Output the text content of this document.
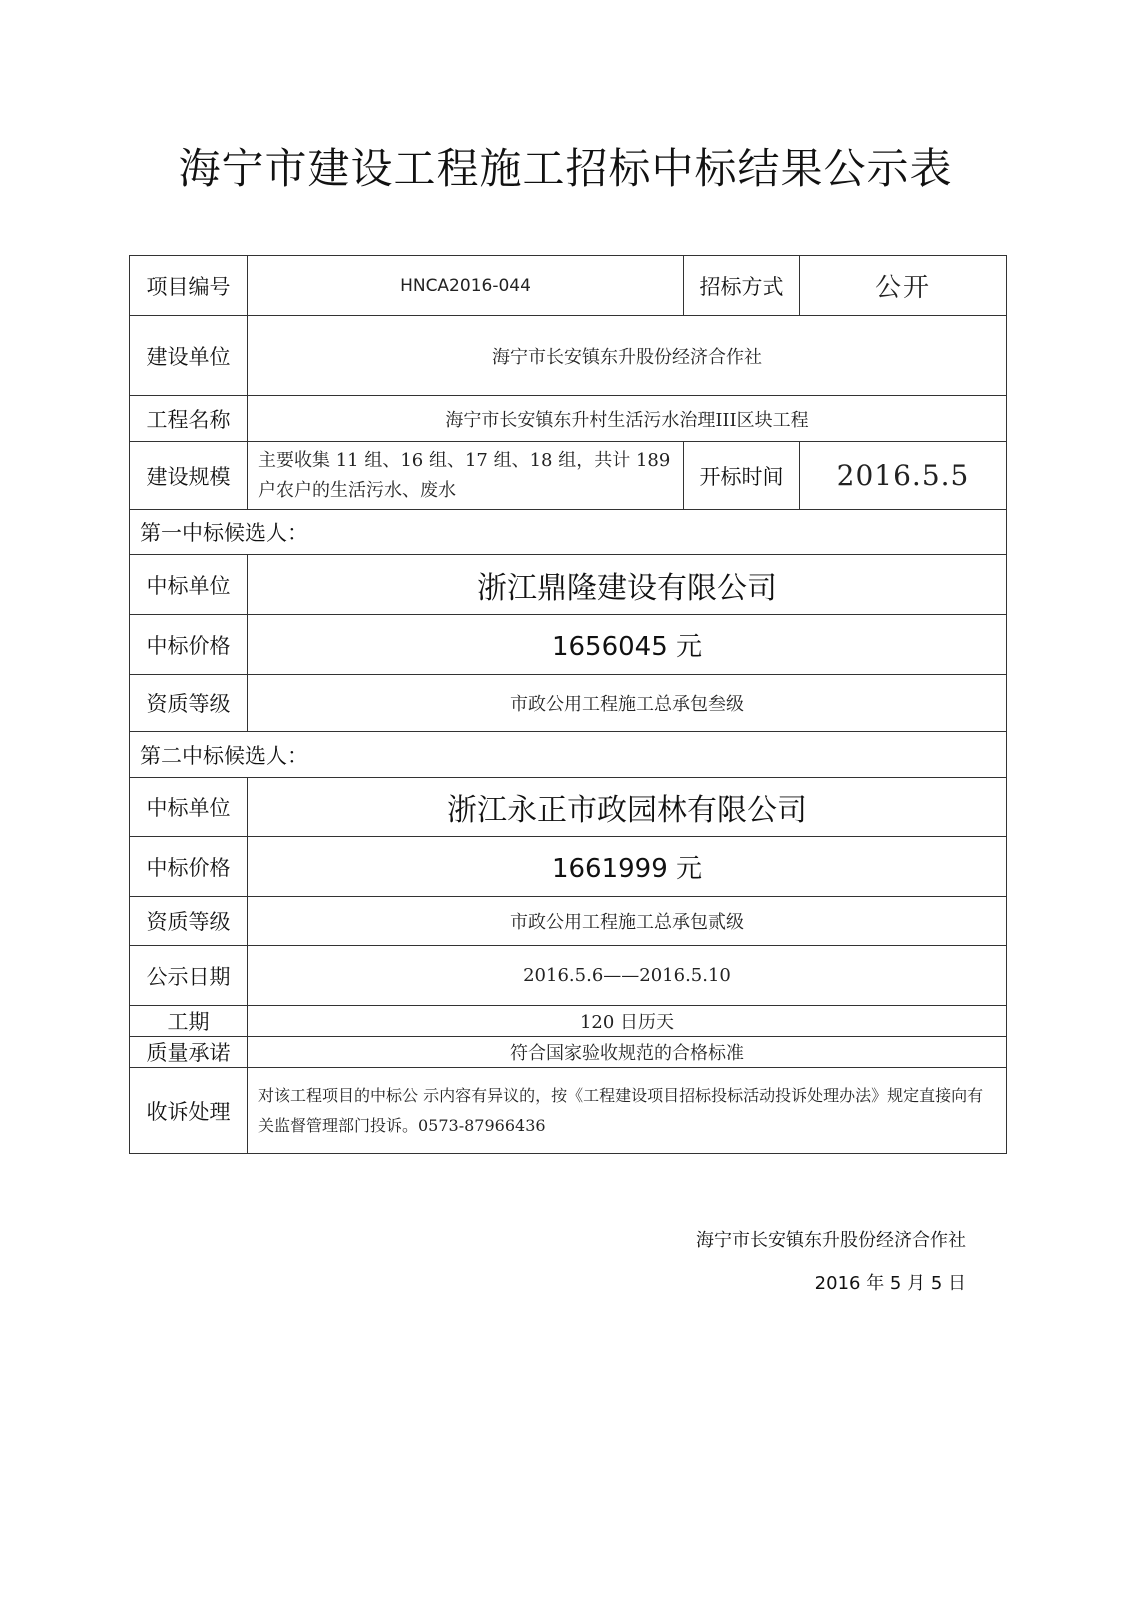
海宁市建设工程施工招标中标结果公示表
项目编号	HNCA2016-044	招标方式	公开
建设单位	海宁市长安镇东升股份经济合作社		
工程名称	海宁市长安镇东升村生活污水治理III区块工程		
建设规模	主要收集 11 组、16 组、17 组、18 组，共计 189 户农户的生活污水、废水	开标时间	2016.5.5
第一中标候选人：			
中标单位	浙江鼎隆建设有限公司		
中标价格	1656045 元		
资质等级	市政公用工程施工总承包叁级		
第二中标候选人：			
中标单位	浙江永正市政园林有限公司		
中标价格	1661999 元		
资质等级	市政公用工程施工总承包贰级		
公示日期	2016.5.6——2016.5.10		
工期	120 日历天		
质量承诺	符合国家验收规范的合格标准		
收诉处理	对该工程项目的中标公 示内容有异议的，按《工程建设项目招标投标活动投诉处理办法》规定直接向有关监督管理部门投诉。0573-87966436		
海宁市长安镇东升股份经济合作社
2016 年 5 月 5 日
